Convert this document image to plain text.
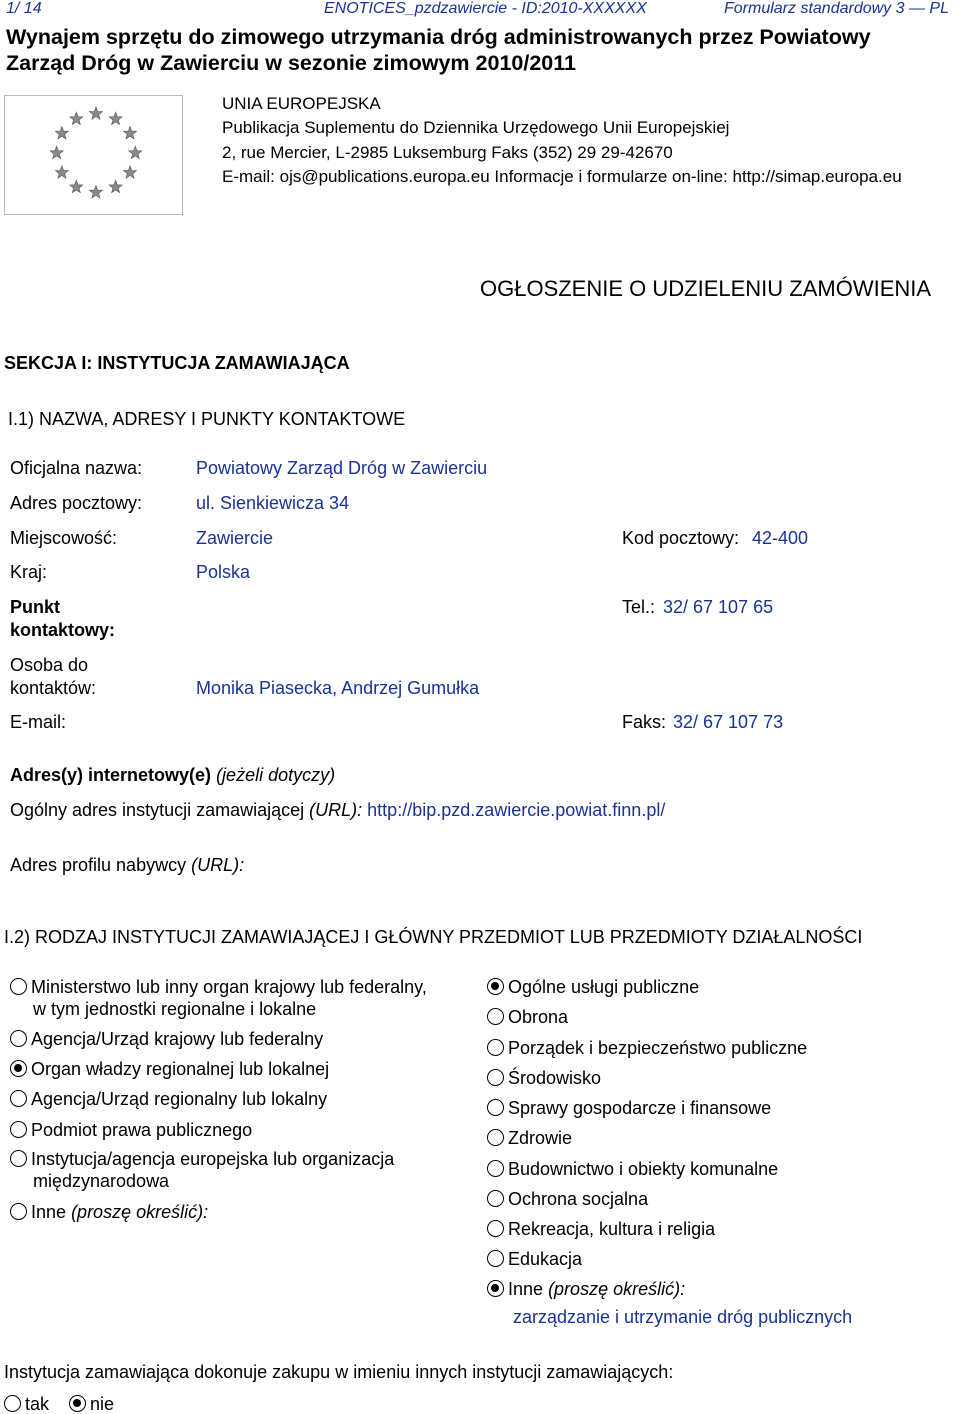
1/ 14	ENOTICES_pzdzawiercie - ID:2010-XXXXXX	Formularz standardowy 3 — PL
Wynajem sprzętu do zimowego utrzymania dróg administrowanych przez Powiatowy
Zarząd Dróg w Zawierciu w sezonie zimowym 2010/2011
UNIA EUROPEJSKA
Publikacja Suplementu do Dziennika Urzędowego Unii Europejskiej
2, rue Mercier, L-2985 Luksemburg Faks (352) 29 29-42670
E-mail: ojs@publications.europa.eu Informacje i formularze on-line: http://simap.europa.eu
OGŁOSZENIE O UDZIELENIU ZAMÓWIENIA
SEKCJA I: INSTYTUCJA ZAMAWIAJĄCA
I.1) NAZWA, ADRESY I PUNKTY KONTAKTOWE
Oficjalna nazwa:	Powiatowy Zarząd Dróg w Zawierciu
Adres pocztowy:	ul. Sienkiewicza 34
Miejscowość:	Zawiercie	Kod pocztowy: 42-400
Kraj:	Polska
Punkt
kontaktowy:
Tel.: 32/ 67 107 65
Osoba do
kontaktów:	Monika Piasecka, Andrzej Gumułka
E-mail:	Faks: 32/ 67 107 73
Adres(y) internetowy(e) (jeżeli dotyczy)
Ogólny adres instytucji zamawiającej (URL): http://bip.pzd.zawiercie.powiat.finn.pl/
Adres profilu nabywcy (URL):
I.2) RODZAJ INSTYTUCJI ZAMAWIAJĄCEJ I GŁÓWNY PRZEDMIOT LUB PRZEDMIOTY DZIAŁALNOŚCI
Ministerstwo lub inny organ krajowy lub federalny,
w tym jednostki regionalne i lokalne
Agencja/Urząd krajowy lub federalny
Organ władzy regionalnej lub lokalnej
Agencja/Urząd regionalny lub lokalny
Podmiot prawa publicznego
Instytucja/agencja europejska lub organizacja
międzynarodowa
Inne (proszę określić):
Ogólne usługi publiczne
Obrona
Porządek i bezpieczeństwo publiczne
Środowisko
Sprawy gospodarcze i finansowe
Zdrowie
Budownictwo i obiekty komunalne
Ochrona socjalna
Rekreacja, kultura i religia
Edukacja
Inne (proszę określić):
zarządzanie i utrzymanie dróg publicznych
Instytucja zamawiająca dokonuje zakupu w imieniu innych instytucji zamawiających:
tak nie
